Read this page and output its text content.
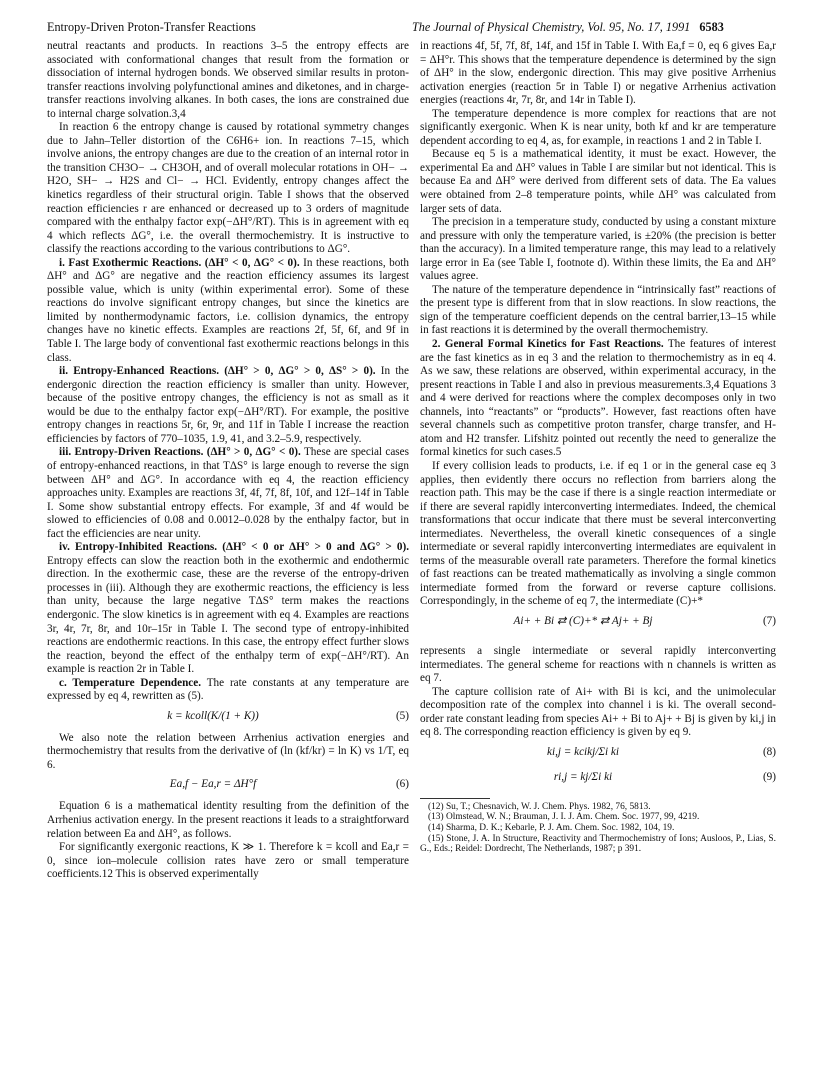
Entropy-Driven Proton-Transfer Reactions	The Journal of Physical Chemistry, Vol. 95, No. 17, 1991 6583

neutral reactants and products. In reactions 3–5 the entropy effects are associated with conformational changes that result from the formation or dissociation of internal hydrogen bonds. We observed similar results in proton-transfer reactions involving polyfunctional amines and diketones, and in charge-transfer reactions involving alkanes. In both cases, the ions are constrained due to internal charge solvation.3,4

In reaction 6 the entropy change is caused by rotational symmetry changes due to Jahn–Teller distortion of the C6H6+ ion. In reactions 7–15, which involve anions, the entropy changes are due to the creation of an internal rotor in the transition CH3O− → CH3OH, and of overall molecular rotations in OH− → H2O, SH− → H2S and Cl− → HCl. Evidently, entropy changes affect the kinetics regardless of their structural origin. Table I shows that the observed reaction efficiencies r are enhanced or decreased up to 3 orders of magnitude compared with the enthalpy factor exp(−ΔH°/RT). This is in agreement with eq 4 which reflects ΔG°, i.e. the overall thermochemistry. It is instructive to classify the reactions according to the various contributions to ΔG°.

i. Fast Exothermic Reactions. (ΔH° < 0, ΔG° < 0). In these reactions, both ΔH° and ΔG° are negative and the reaction efficiency assumes its largest possible value, which is unity (within experimental error). Some of these reactions do involve significant entropy changes, but since the kinetics are limited by nonthermodynamic factors, i.e. collision dynamics, the entropy changes have no kinetic effects. Examples are reactions 2f, 5f, 6f, and 9f in Table I. The large body of conventional fast exothermic reactions belongs in this class.

ii. Entropy-Enhanced Reactions. (ΔH° > 0, ΔG° > 0, ΔS° > 0). In the endergonic direction the reaction efficiency is smaller than unity. However, because of the positive entropy changes, the efficiency is not as small as it would be due to the enthalpy factor exp(−ΔH°/RT). For example, the positive entropy changes in reactions 5r, 6r, 9r, and 11f in Table I increase the reaction efficiencies by factors of 770–1035, 1.9, 41, and 3.2–5.9, respectively.

iii. Entropy-Driven Reactions. (ΔH° > 0, ΔG° < 0). These are special cases of entropy-enhanced reactions, in that TΔS° is large enough to reverse the sign between ΔH° and ΔG°. In accordance with eq 4, the reaction efficiency approaches unity. Examples are reactions 3f, 4f, 7f, 8f, 10f, and 12f–14f in Table I. Some show substantial entropy effects. For example, 3f and 4f would be slowed to efficiencies of 0.08 and 0.0012–0.028 by the enthalpy factor, but in fact the efficiencies are near unity.

iv. Entropy-Inhibited Reactions. (ΔH° < 0 or ΔH° > 0 and ΔG° > 0). Entropy effects can slow the reaction both in the exothermic and endothermic direction. In the exothermic case, these are the reverse of the entropy-driven processes in (iii). Although they are exothermic reactions, the efficiency is less than unity, because the large negative TΔS° term makes the reactions endergonic. The slow kinetics is in agreement with eq 4. Examples are reactions 3r, 4r, 7r, 8r, and 10r–15r in Table I. The second type of entropy-inhibited reactions are endothermic reactions. In this case, the entropy effect further slows the reaction, beyond the effect of the enthalpy term of exp(−ΔH°/RT). An example is reaction 2r in Table I.

c. Temperature Dependence. The rate constants at any temperature are expressed by eq 4, rewritten as (5).

k = kcoll(K/(1 + K))	(5)

We also note the relation between Arrhenius activation energies and thermochemistry that results from the derivative of (ln (kf/kr) = ln K) vs 1/T, eq 6.

Ea,f − Ea,r = ΔH°f	(6)

Equation 6 is a mathematical identity resulting from the definition of the Arrhenius activation energy. In the present reactions it leads to a straightforward relation between Ea and ΔH°, as follows.

For significantly exergonic reactions, K ≫ 1. Therefore k = kcoll and Ea,r = 0, since ion–molecule collision rates have zero or small temperature coefficients.12 This is observed experimentally

in reactions 4f, 5f, 7f, 8f, 14f, and 15f in Table I. With Ea,f = 0, eq 6 gives Ea,r = ΔH°r. This shows that the temperature dependence is determined by the sign of ΔH° in the slow, endergonic direction. This may give positive Arrhenius activation energies (reaction 5r in Table I) or negative Arrhenius activation energies (reactions 4r, 7r, 8r, and 14r in Table I).

The temperature dependence is more complex for reactions that are not significantly exergonic. When K is near unity, both kf and kr are temperature dependent according to eq 4, as, for example, in reactions 1 and 2 in Table I.

Because eq 5 is a mathematical identity, it must be exact. However, the experimental Ea and ΔH° values in Table I are similar but not identical. This is because Ea and ΔH° were derived from different sets of data. The Ea values were obtained from 2–8 temperature points, while ΔH° was calculated from larger sets of data.

The precision in a temperature study, conducted by using a constant mixture and pressure with only the temperature varied, is ±20% (the precision is better than the accuracy). In a limited temperature range, this may lead to a relatively large error in Ea (see Table I, footnote d). Within these limits, the Ea and ΔH° values agree.

The nature of the temperature dependence in “intrinsically fast” reactions of the present type is different from that in slow reactions. In slow reactions, the sign of the temperature coefficient depends on the central barrier,13–15 while in fast reactions it is determined by the overall thermochemistry.

2. General Formal Kinetics for Fast Reactions. The features of interest are the fast kinetics as in eq 3 and the relation to thermochemistry as in eq 4. As we saw, these relations are observed, within experimental accuracy, in the present reactions in Table I and also in previous measurements.3,4 Equations 3 and 4 were derived for reactions where the complex decomposes only in two channels, into “reactants” or “products”. However, fast reactions often have several channels such as competitive proton transfer, charge transfer, and H-atom and H2 transfer. Lifshitz pointed out recently the need to generalize the formal kinetics for such cases.5

If every collision leads to products, i.e. if eq 1 or in the general case eq 3 applies, then evidently there occurs no reflection from barriers along the reaction path. This may be the case if there is a single reaction intermediate or if there are several rapidly interconverting intermediates. Indeed, the chemical transformations that occur indicate that there must be several interconverting intermediates. Nevertheless, the overall kinetic consequences of a single intermediate or several rapidly interconverting intermediates are equivalent in terms of the measurable overall rate parameters. Therefore the formal kinetics of fast reactions can be treated mathematically as involving a single common intermediate formed from the forward or reverse capture collisions. Correspondingly, in the scheme of eq 7, the intermediate (C)+*

Ai+ + Bi ⇄ (C)+* ⇄ Aj+ + Bj	(7)

represents a single intermediate or several rapidly interconverting intermediates. The general scheme for reactions with n channels is written as eq 7.

The capture collision rate of Ai+ with Bi is kci, and the unimolecular decomposition rate of the complex into channel i is ki. The overall second-order rate constant leading from species Ai+ + Bi to Aj+ + Bj is given by ki,j in eq 8. The corresponding reaction efficiency is given by eq 9.

ki,j = kcikj/Σi ki	(8)
ri,j = kj/Σi ki	(9)

(12) Su, T.; Chesnavich, W. J. Chem. Phys. 1982, 76, 5813.

(13) Olmstead, W. N.; Brauman, J. I. J. Am. Chem. Soc. 1977, 99, 4219.

(14) Sharma, D. K.; Kebarle, P. J. Am. Chem. Soc. 1982, 104, 19.

(15) Stone, J. A. In Structure, Reactivity and Thermochemistry of Ions; Ausloos, P., Lias, S. G., Eds.; Reidel: Dordrecht, The Netherlands, 1987; p 391.
